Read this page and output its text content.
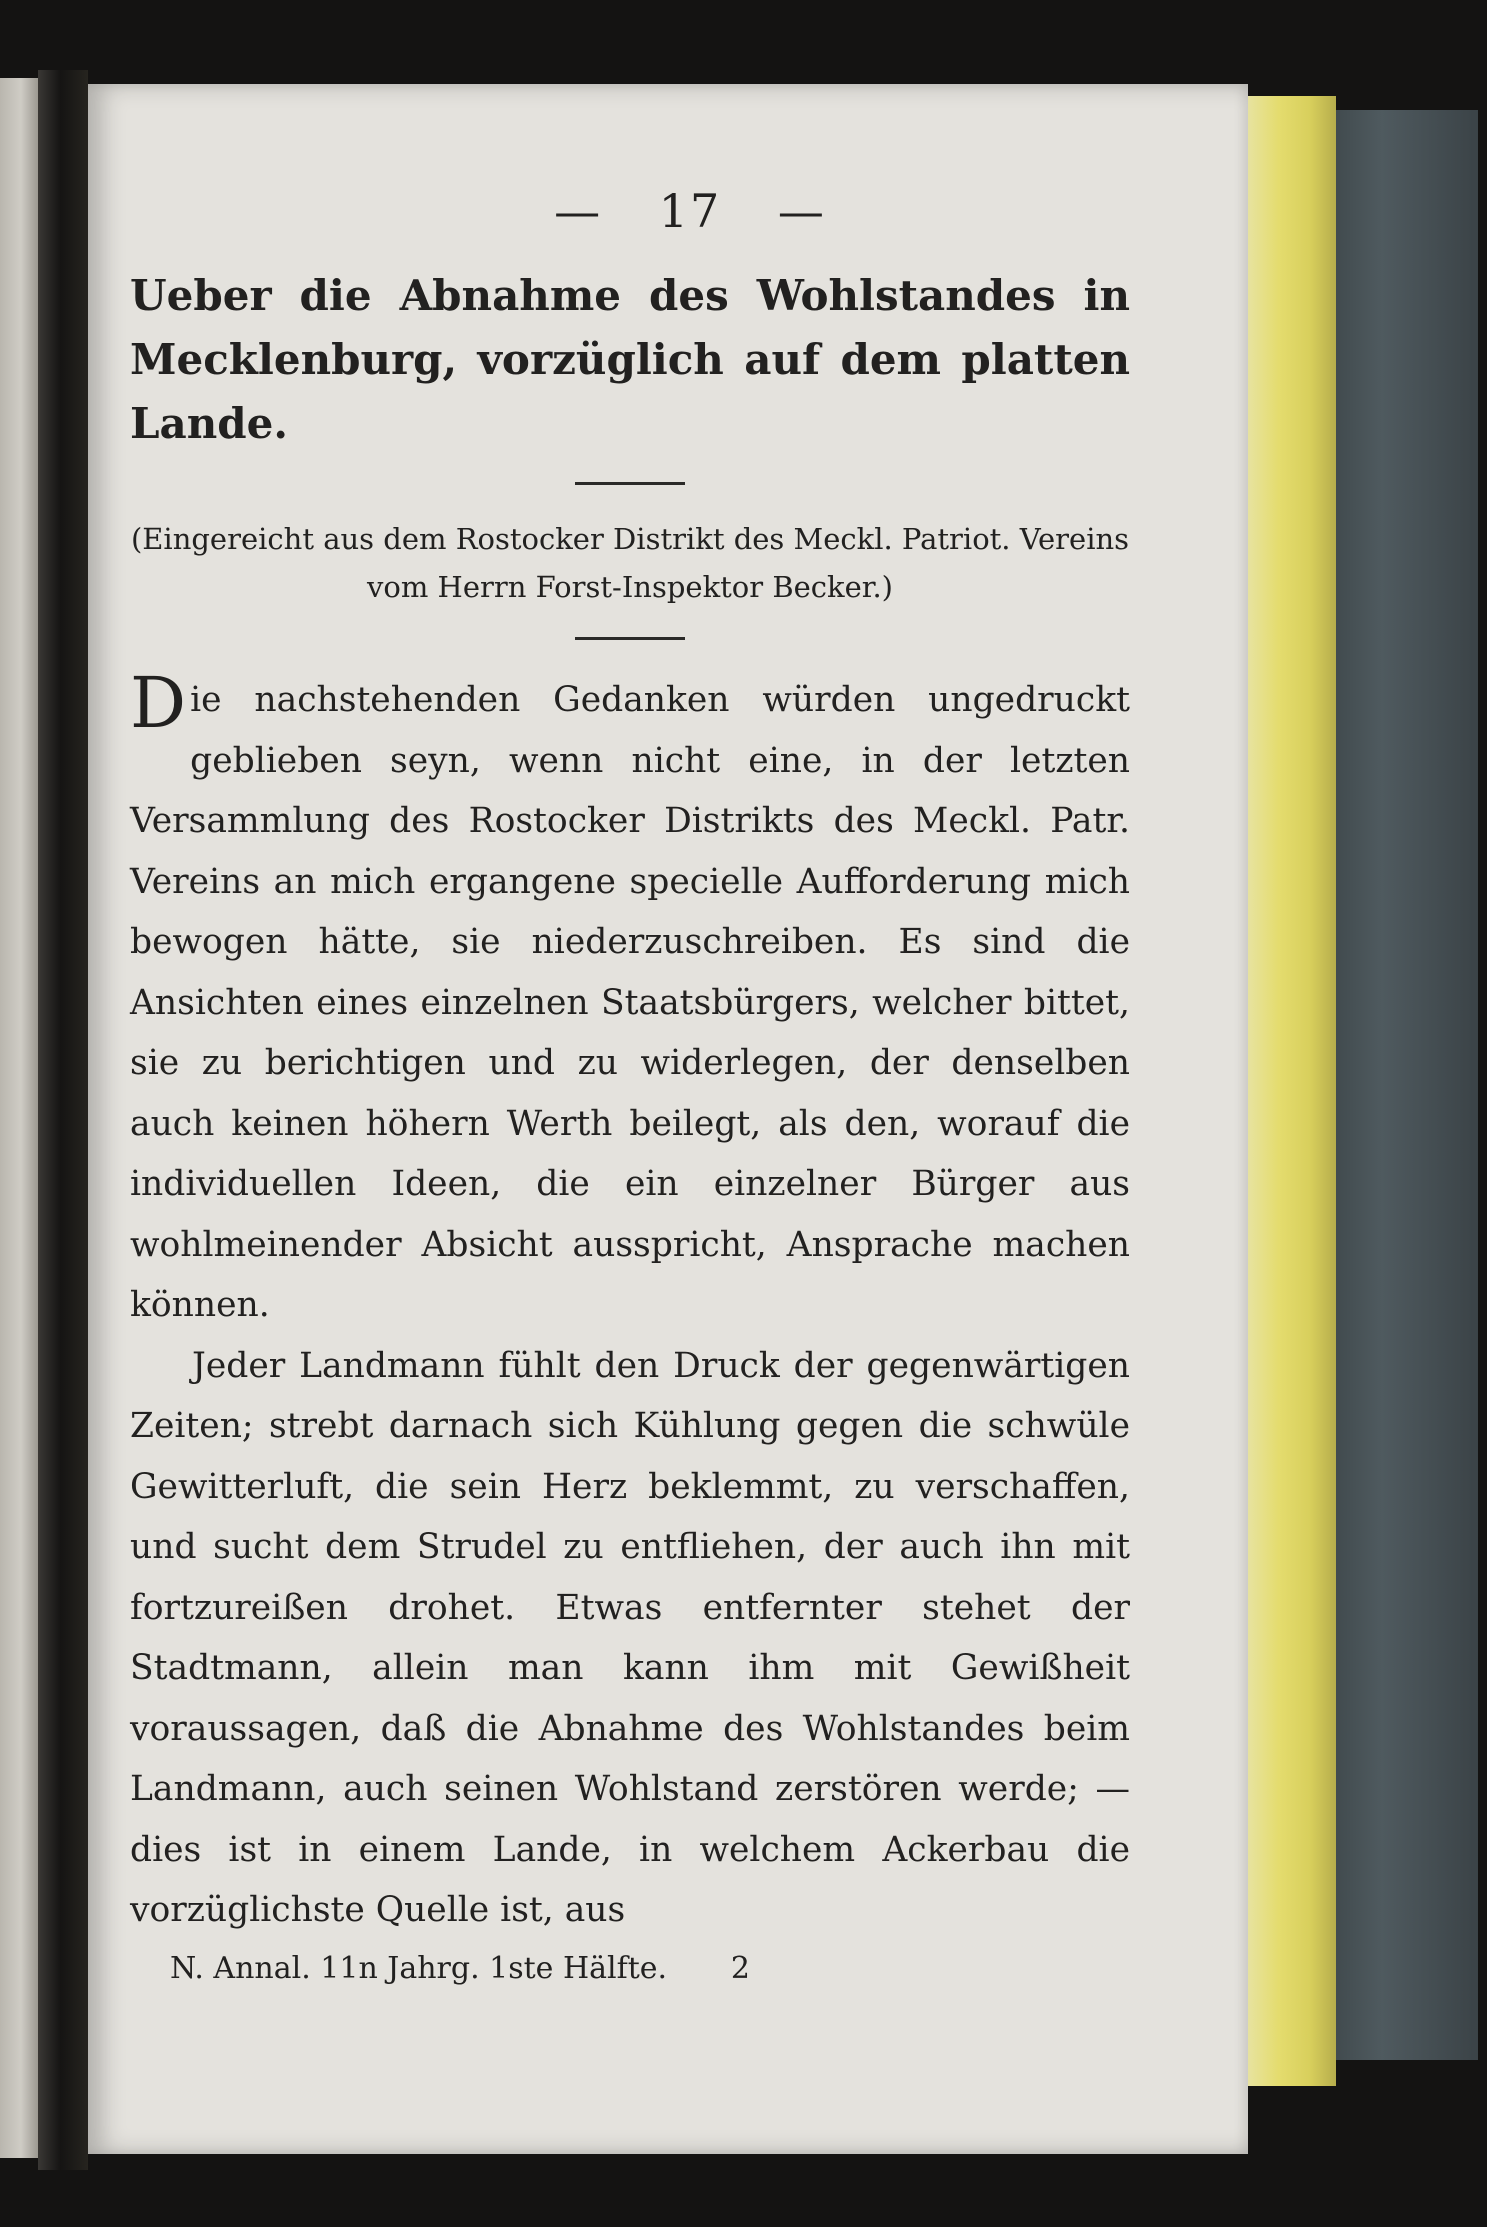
— 17 —

Ueber die Abnahme des Wohlstandes in Mecklenburg, vorzüglich auf dem platten Lande.

(Eingereicht aus dem Rostocker Distrikt des Meckl. Patriot. Vereins vom Herrn Forst-Inspektor Becker.)

Die nachstehenden Gedanken würden ungedruckt geblieben seyn, wenn nicht eine, in der letzten Versammlung des Rostocker Distrikts des Meckl. Patr. Vereins an mich ergangene specielle Aufforderung mich bewogen hätte, sie niederzuschreiben. Es sind die Ansichten eines einzelnen Staatsbürgers, welcher bittet, sie zu berichtigen und zu widerlegen, der denselben auch keinen höhern Werth beilegt, als den, worauf die individuellen Ideen, die ein einzelner Bürger aus wohlmeinender Absicht ausspricht, Ansprache machen können.

Jeder Landmann fühlt den Druck der gegenwärtigen Zeiten; strebt darnach sich Kühlung gegen die schwüle Gewitterluft, die sein Herz beklemmt, zu verschaffen, und sucht dem Strudel zu entfliehen, der auch ihn mit fortzureißen drohet. Etwas entfernter stehet der Stadtmann, allein man kann ihm mit Gewißheit voraussagen, daß die Abnahme des Wohlstandes beim Landmann, auch seinen Wohlstand zerstören werde; — dies ist in einem Lande, in welchem Ackerbau die vorzüglichste Quelle ist, aus

N. Annal. 11n Jahrg. 1ste Hälfte. 2
